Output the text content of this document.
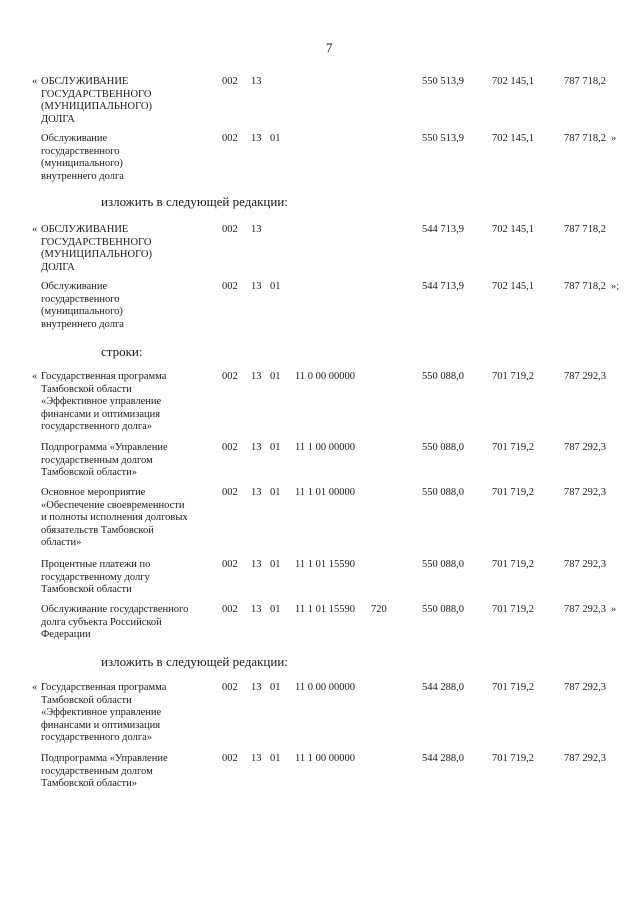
7
« ОБСЛУЖИВАНИЕ
ГОСУДАРСТВЕННОГО
(МУНИЦИПАЛЬНОГО)
ДОЛГА
002 13	550 513,9	702 145,1	787 718,2
Обслуживание
государственного
(муниципального)
внутреннего долга
002 13 01	550 513,9	702 145,1	787 718,2 »
« ОБСЛУЖИВАНИЕ
ГОСУДАРСТВЕННОГО
(МУНИЦИПАЛЬНОГО)
ДОЛГА
002 13	544 713,9	702 145,1	787 718,2
Обслуживание
государственного
(муниципального)
внутреннего долга
002 13 01	544 713,9	702 145,1	787 718,2 »;
« Государственная программа
Тамбовской области
«Эффективное управление
финансами и оптимизация
государственного долга»
002 13 01 11 0 00 00000	550 088,0	701 719,2	787 292,3
Подпрограмма «Управление
государственным долгом
Тамбовской области»
002 13 01 11 1 00 00000	550 088,0	701 719,2	787 292,3
Основное мероприятие
«Обеспечение своевременности
и полноты исполнения долговых
обязательств Тамбовской
области»
002 13 01 11 1 01 00000	550 088,0	701 719,2	787 292,3
Процентные платежи по
государственному долгу
Тамбовской области
002 13 01 11 1 01 15590	550 088,0	701 719,2	787 292,3
Обслуживание государственного
долга субъекта Российской
Федерации
002 13 01 11 1 01 15590 720	550 088,0	701 719,2	787 292,3 »
« Государственная программа
Тамбовской области
«Эффективное управление
финансами и оптимизация
государственного долга»
002 13 01 11 0 00 00000	544 288,0	701 719,2	787 292,3
Подпрограмма «Управление
государственным долгом
Тамбовской области»
002 13 01 11 1 00 00000	544 288,0	701 719,2	787 292,3
изложить в следующей редакции:
строки:
изложить в следующей редакции:
